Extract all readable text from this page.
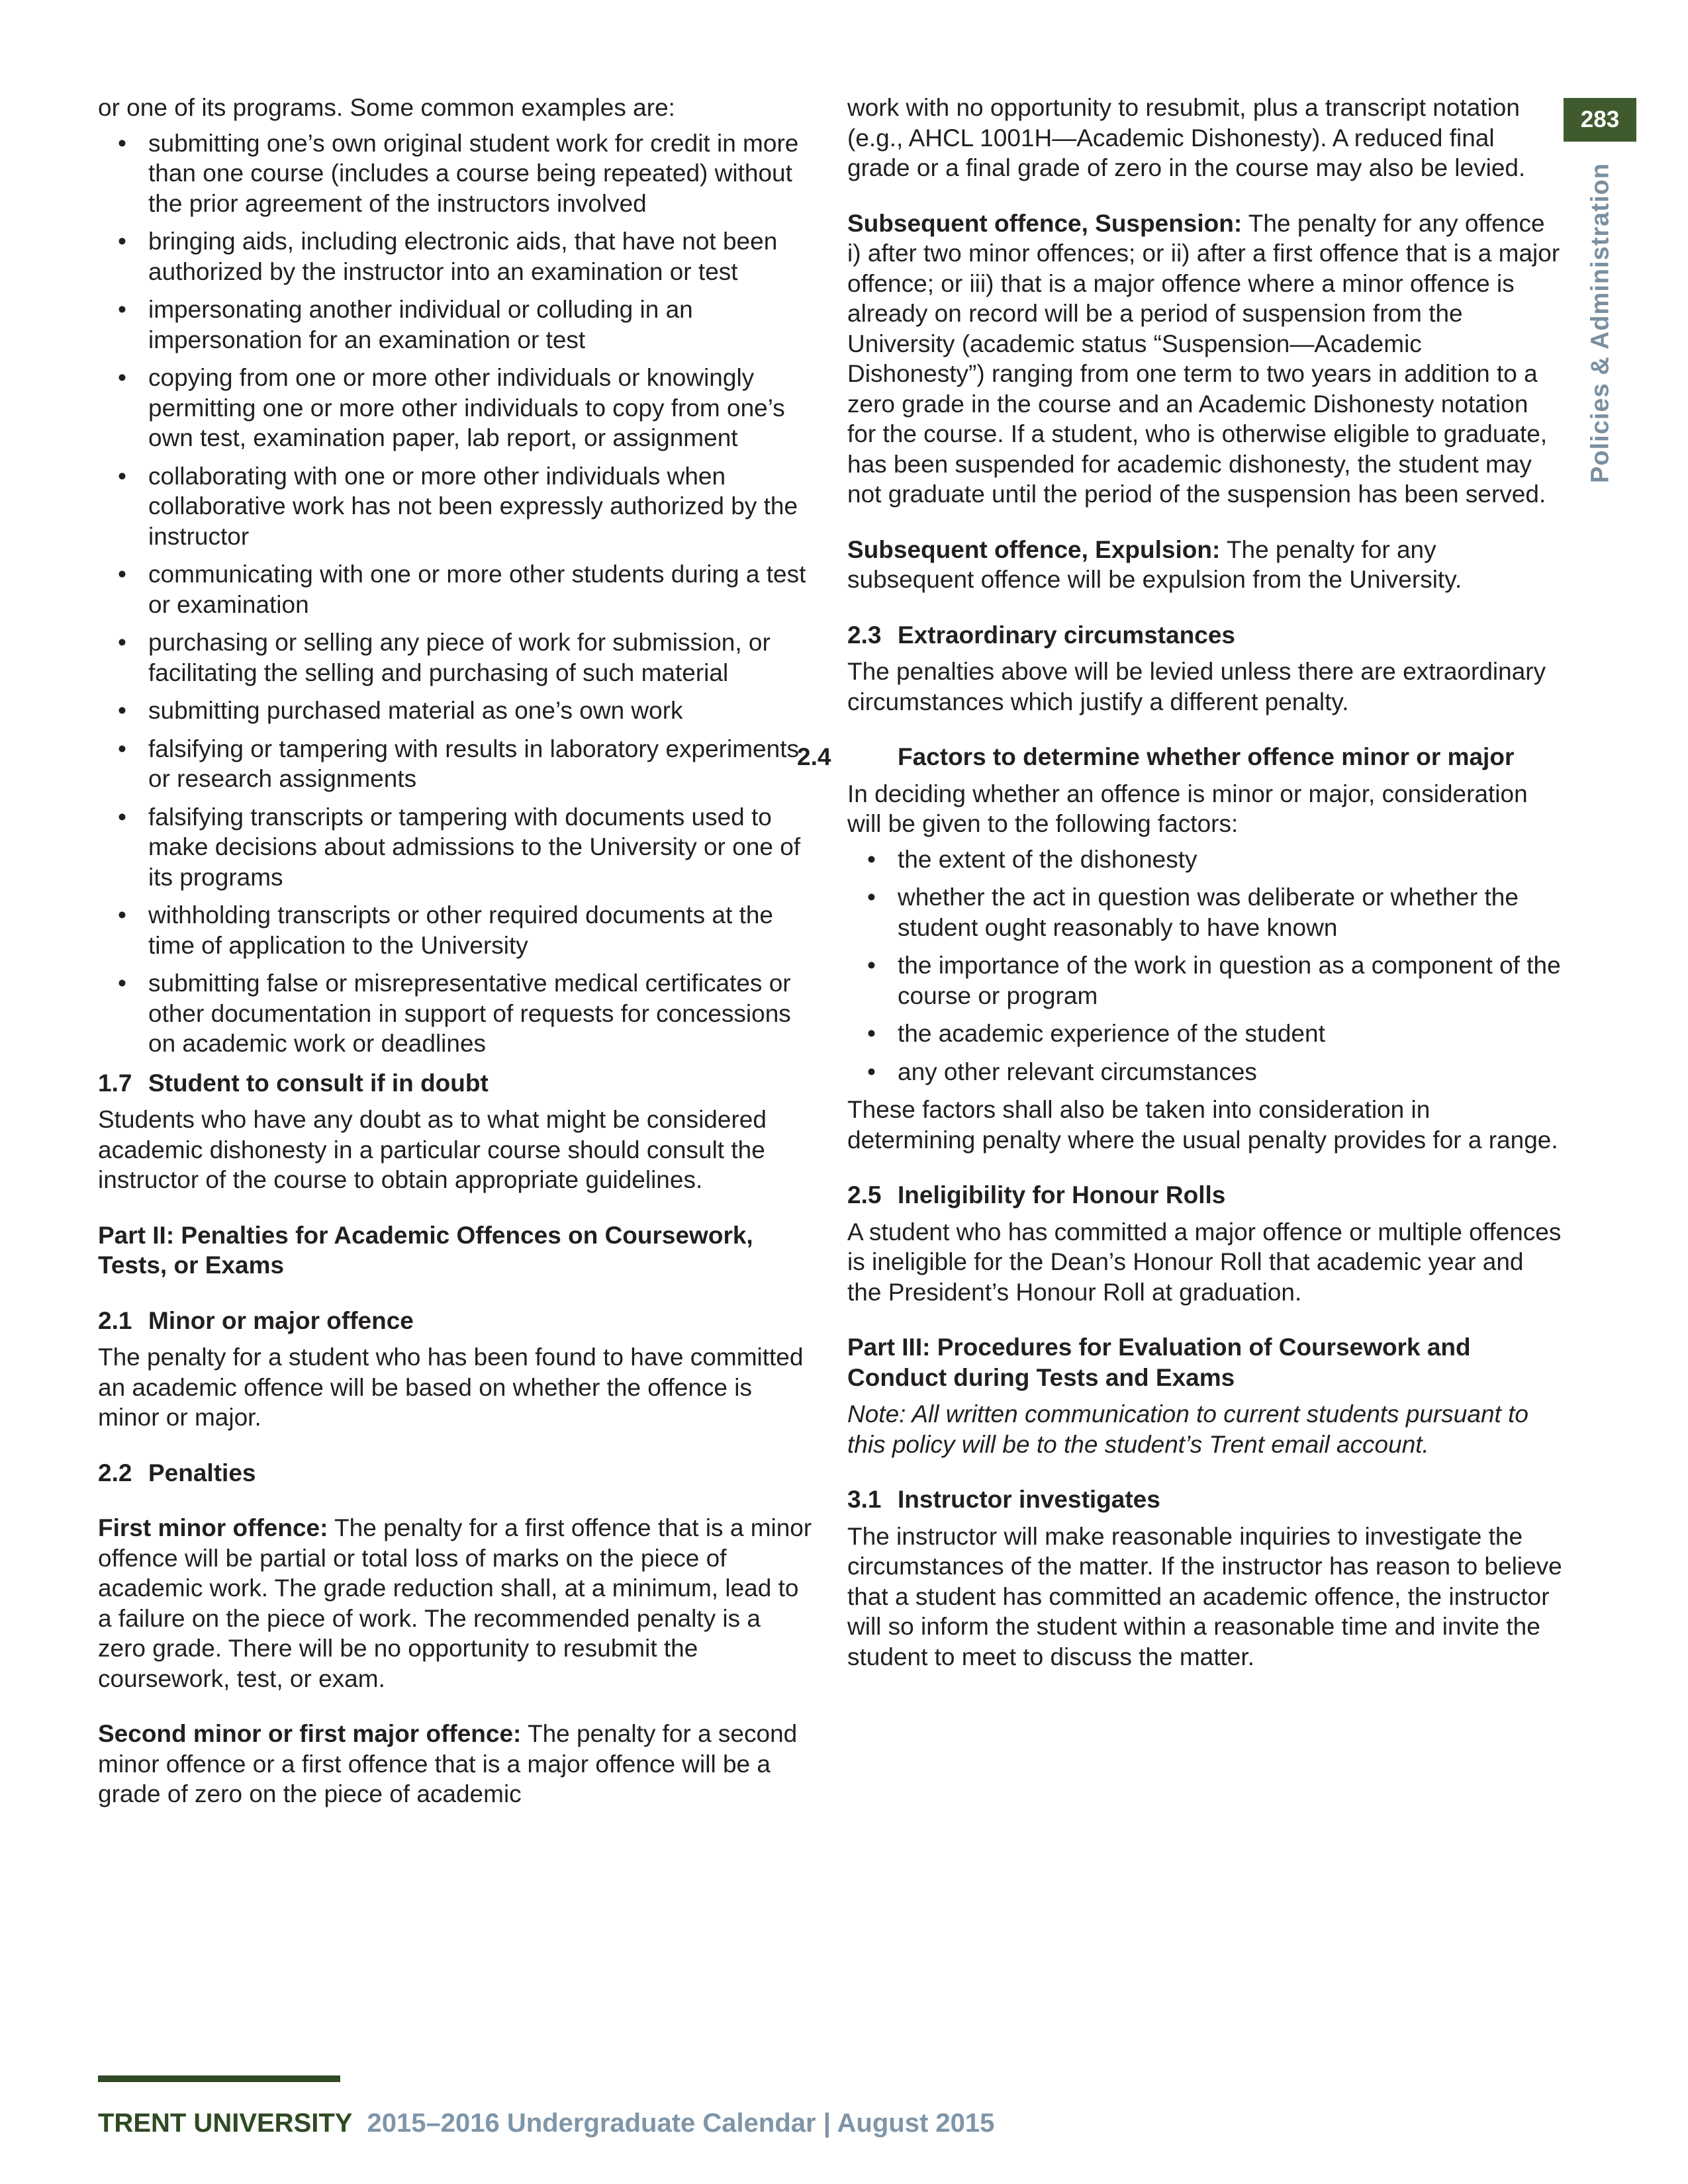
283
Policies & Administration

or one of its programs. Some common examples are:

• submitting one’s own original student work for credit in more than one course (includes a course being repeated) without the prior agreement of the instructors involved
• bringing aids, including electronic aids, that have not been authorized by the instructor into an examination or test
• impersonating another individual or colluding in an impersonation for an examination or test
• copying from one or more other individuals or knowingly permitting one or more other individuals to copy from one’s own test, examination paper, lab report, or assignment
• collaborating with one or more other individuals when collaborative work has not been expressly authorized by the instructor
• communicating with one or more other students during a test or examination
• purchasing or selling any piece of work for submission, or facilitating the selling and purchasing of such material
• submitting purchased material as one’s own work
• falsifying or tampering with results in laboratory experiments or research assignments
• falsifying transcripts or tampering with documents used to make decisions about admissions to the University or one of its programs
• withholding transcripts or other required documents at the time of application to the University
• submitting false or misrepresentative medical certificates or other documentation in support of requests for concessions on academic work or deadlines
1.7 Student to consult if in doubt

Students who have any doubt as to what might be considered academic dishonesty in a particular course should consult the instructor of the course to obtain appropriate guidelines.

Part II: Penalties for Academic Offences on Coursework, Tests, or Exams
2.1 Minor or major offence

The penalty for a student who has been found to have committed an academic offence will be based on whether the offence is minor or major.

2.2 Penalties

First minor offence: The penalty for a first offence that is a minor offence will be partial or total loss of marks on the piece of academic work. The grade reduction shall, at a minimum, lead to a failure on the piece of work. The recommended penalty is a zero grade. There will be no opportunity to resubmit the coursework, test, or exam.

Second minor or first major offence: The penalty for a second minor offence or a first offence that is a major offence will be a grade of zero on the piece of academic

work with no opportunity to resubmit, plus a transcript notation (e.g., AHCL 1001H—Academic Dishonesty). A reduced final grade or a final grade of zero in the course may also be levied.

Subsequent offence, Suspension: The penalty for any offence i) after two minor offences; or ii) after a first offence that is a major offence; or iii) that is a major offence where a minor offence is already on record will be a period of suspension from the University (academic status “Suspension—Academic Dishonesty”) ranging from one term to two years in addition to a zero grade in the course and an Academic Dishonesty notation for the course. If a student, who is otherwise eligible to graduate, has been suspended for academic dishonesty, the student may not graduate until the period of the suspension has been served.

Subsequent offence, Expulsion: The penalty for any subsequent offence will be expulsion from the University.

2.3 Extraordinary circumstances

The penalties above will be levied unless there are extraordinary circumstances which justify a different penalty.

2.4	Factors to determine whether offence minor or major

In deciding whether an offence is minor or major, consideration will be given to the following factors:

• the extent of the dishonesty
• whether the act in question was deliberate or whether the student ought reasonably to have known
• the importance of the work in question as a component of the course or program
• the academic experience of the student
• any other relevant circumstances

These factors shall also be taken into consideration in determining penalty where the usual penalty provides for a range.

2.5 Ineligibility for Honour Rolls

A student who has committed a major offence or multiple offences is ineligible for the Dean’s Honour Roll that academic year and the President’s Honour Roll at graduation.

Part III: Procedures for Evaluation of Coursework and Conduct during Tests and Exams

Note: All written communication to current students pursuant to this policy will be to the student’s Trent email account.

3.1 Instructor investigates

The instructor will make reasonable inquiries to investigate the circumstances of the matter. If the instructor has reason to believe that a student has committed an academic offence, the instructor will so inform the student within a reasonable time and invite the student to meet to discuss the matter.

TRENT UNIVERSITY 2015–2016 Undergraduate Calendar | August 2015
